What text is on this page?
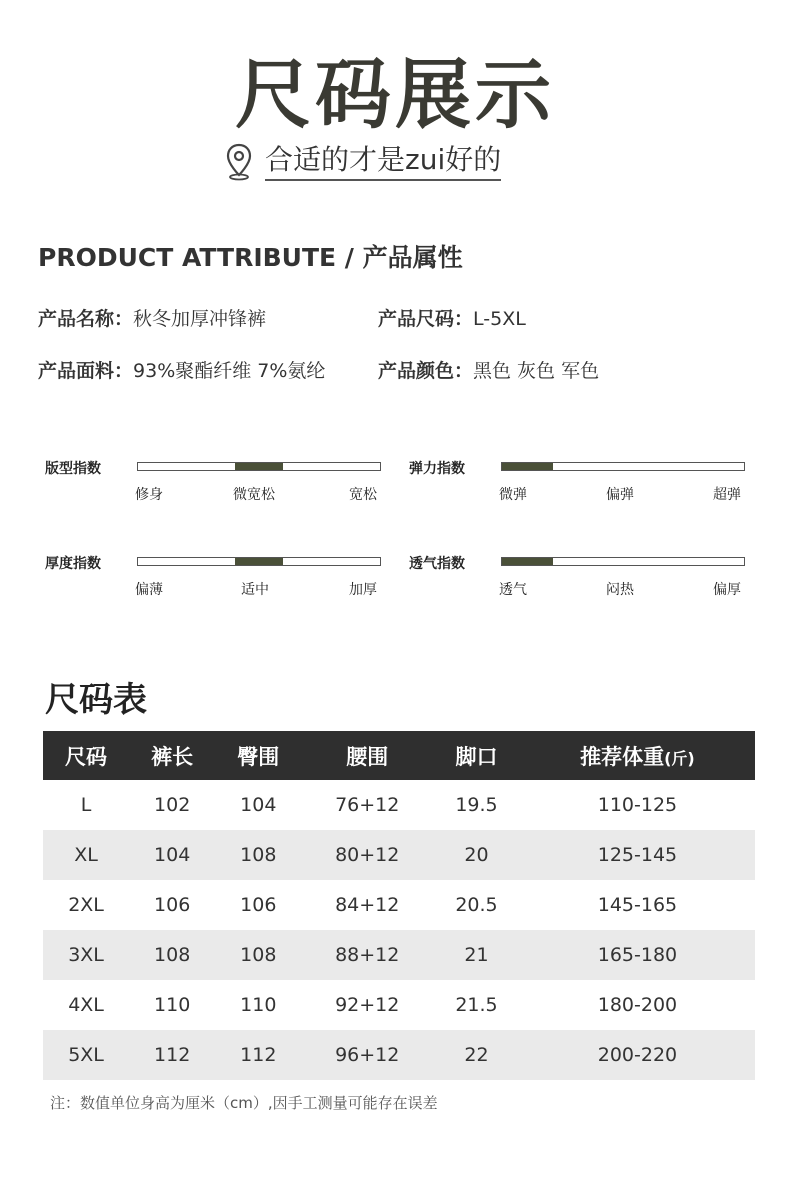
尺码展示
合适的才是zui好的
PRODUCT ATTRIBUTE / 产品属性
产品名称：秋冬加厚冲锋裤	产品尺码：L-5XL
产品面料：93%聚酯纤维 7%氨纶	产品颜色：黑色 灰色 军色
版型指数
修身	微宽松	宽松
弹力指数
微弹	偏弹	超弹
厚度指数
偏薄	适中	加厚
透气指数
透气	闷热	偏厚
尺码表
尺码	裤长	臀围	腰围	脚口	推荐体重(斤)
L	102	104	76+12	19.5	110-125
XL	104	108	80+12	20	125-145
2XL	106	106	84+12	20.5	145-165
3XL	108	108	88+12	21	165-180
4XL	110	110	92+12	21.5	180-200
5XL	112	112	96+12	22	200-220
注：数值单位身高为厘米（cm）,因手工测量可能存在误差
